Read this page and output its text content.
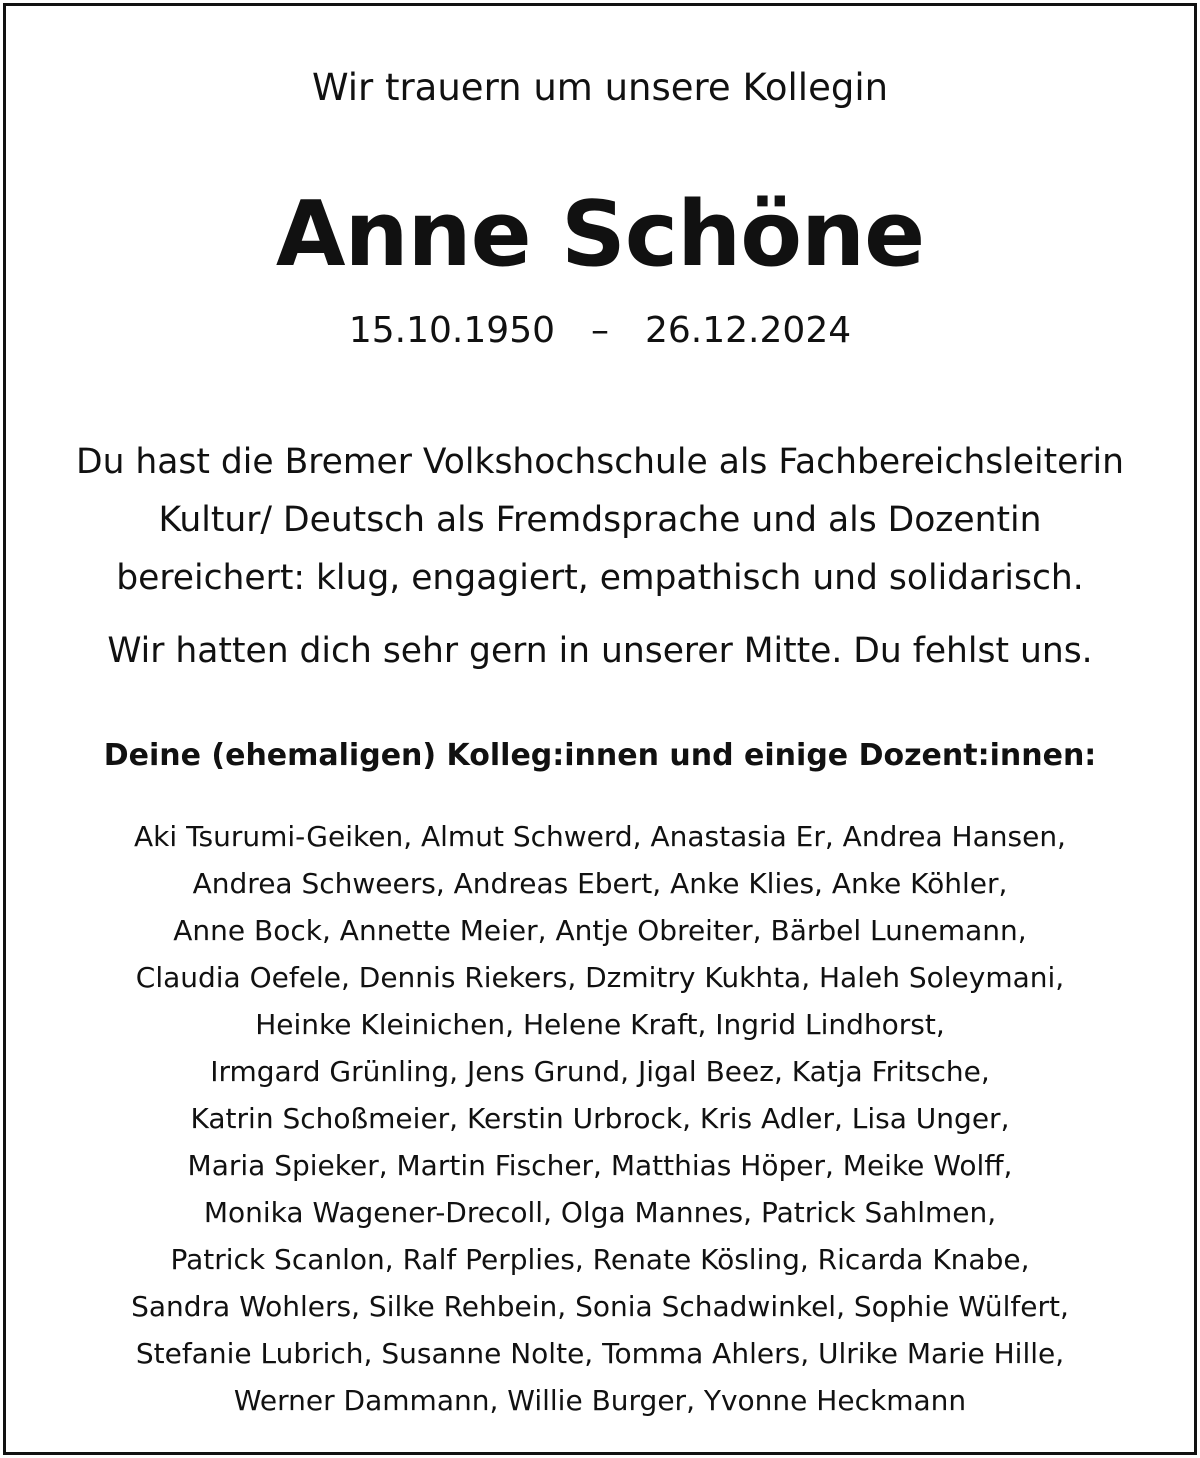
Wir trauern um unsere Kollegin

Anne Schöne

15.10.1950 – 26.12.2024

Du hast die Bremer Volkshochschule als Fachbereichsleiterin

Kultur/ Deutsch als Fremdsprache und als Dozentin

bereichert: klug, engagiert, empathisch und solidarisch.

Wir hatten dich sehr gern in unserer Mitte. Du fehlst uns.

Deine (ehemaligen) Kolleg:innen und einige Dozent:innen:
Aki Tsurumi-Geiken, Almut Schwerd, Anastasia Er, Andrea Hansen,
Andrea Schweers, Andreas Ebert, Anke Klies, Anke Köhler,
Anne Bock, Annette Meier, Antje Obreiter, Bärbel Lunemann,
Claudia Oefele, Dennis Riekers, Dzmitry Kukhta, Haleh Soleymani,
Heinke Kleinichen, Helene Kraft, Ingrid Lindhorst,
Irmgard Grünling, Jens Grund, Jigal Beez, Katja Fritsche,
Katrin Schoßmeier, Kerstin Urbrock, Kris Adler, Lisa Unger,
Maria Spieker, Martin Fischer, Matthias Höper, Meike Wolff,
Monika Wagener-Drecoll, Olga Mannes, Patrick Sahlmen,
Patrick Scanlon, Ralf Perplies, Renate Kösling, Ricarda Knabe,
Sandra Wohlers, Silke Rehbein, Sonia Schadwinkel, Sophie Wülfert,
Stefanie Lubrich, Susanne Nolte, Tomma Ahlers, Ulrike Marie Hille,
Werner Dammann, Willie Burger, Yvonne Heckmann
